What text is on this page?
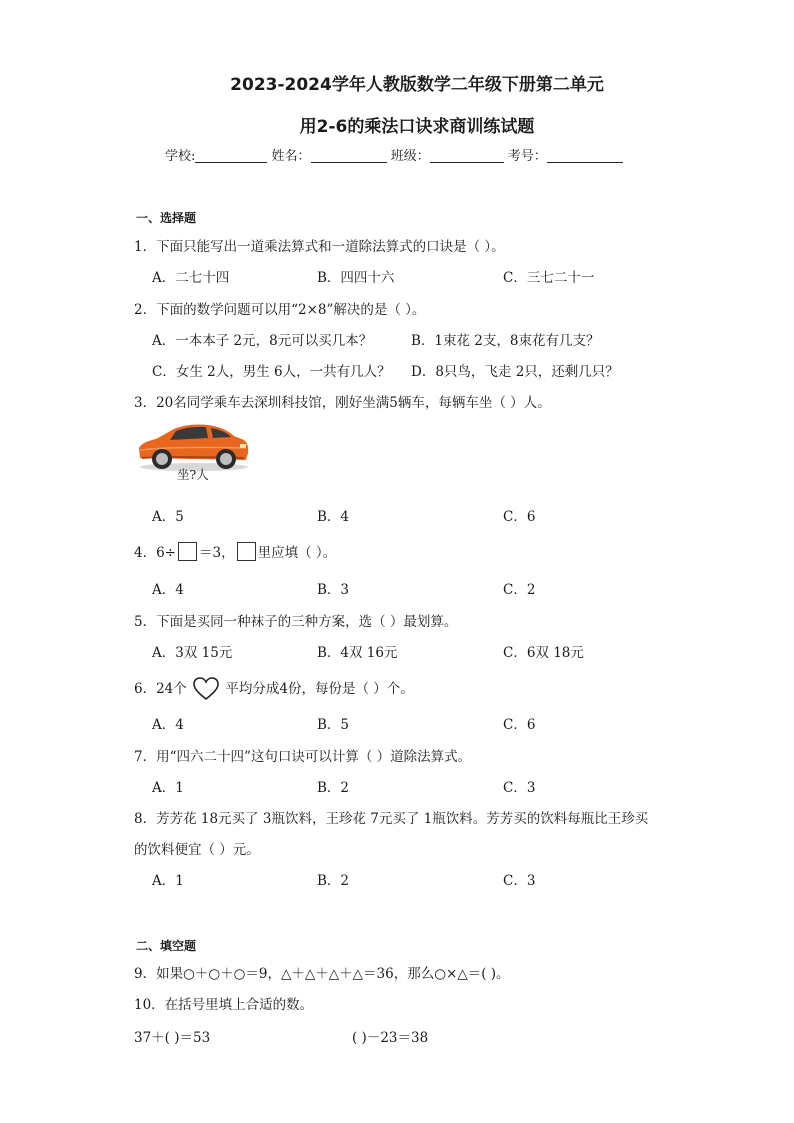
2023-2024学年人教版数学二年级下册第二单元
用2-6的乘法口诀求商训练试题
学校:	姓名：	班级：	考号：
一、选择题
1．下面只能写出一道乘法算式和一道除法算式的口诀是（ ）。
A．二七十四	B．四四十六	C．三七二十一
2．下面的数学问题可以用“2×8”解决的是（ ）。
A．一本本子 2元，8元可以买几本？	B．1束花 2支，8束花有几支？
C．女生 2人，男生 6人，一共有几人？ D．8只鸟，飞走 2只，还剩几只？
3．20名同学乘车去深圳科技馆，刚好坐满5辆车，每辆车坐（ ）人。
坐?人
A．5	B．4	C．6
4．6÷ ＝3， 里应填（ ）。
A．4	B．3	C．2
5．下面是买同一种袜子的三种方案，选（ ）最划算。
A．3双 15元	B．4双 16元	C．6双 18元
6．24个	平均分成4份，每份是（ ）个。
A．4	B．5	C．6
7．用“四六二十四”这句口诀可以计算（ ）道除法算式。
A．1	B．2	C．3
8．芳芳花 18元买了 3瓶饮料，王珍花 7元买了 1瓶饮料。芳芳买的饮料每瓶比王珍买
的饮料便宜（ ）元。
A．1	B．2	C．3
二、填空题
9．如果○＋○＋○＝9，△＋△＋△＋△＝36，那么○×△＝( )。
10．在括号里填上合适的数。
37＋( )＝53	( )－23＝38
